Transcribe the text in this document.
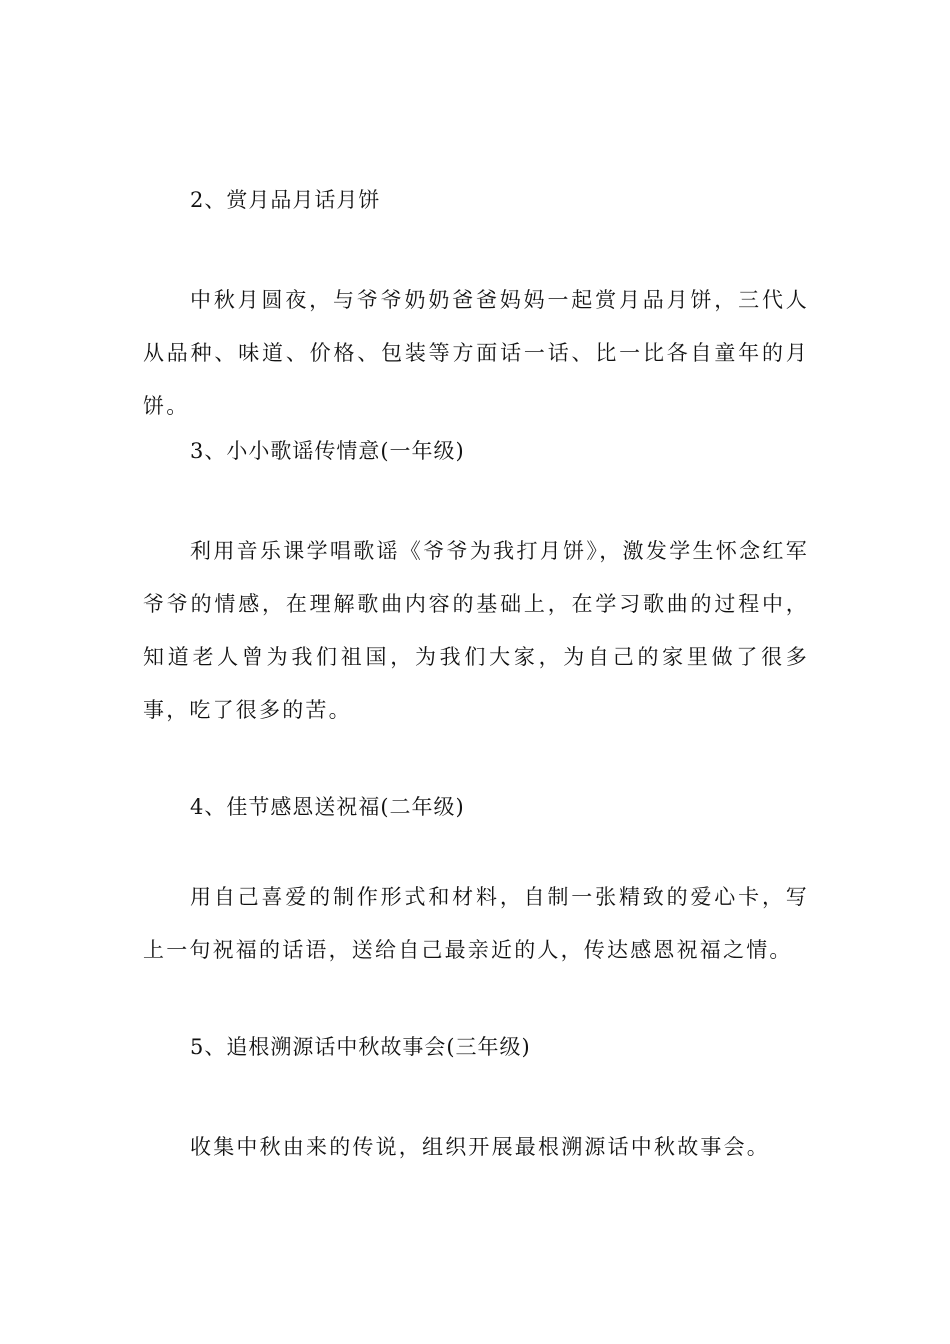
2、赏月品月话月饼
中秋月圆夜，与爷爷奶奶爸爸妈妈一起赏月品月饼，三代人从品种、味道、价格、包装等方面话一话、比一比各自童年的月饼。
3、小小歌谣传情意(一年级)
利用音乐课学唱歌谣《爷爷为我打月饼》，激发学生怀念红军爷爷的情感，在理解歌曲内容的基础上，在学习歌曲的过程中，知道老人曾为我们祖国，为我们大家，为自己的家里做了很多事，吃了很多的苦。
4、佳节感恩送祝福(二年级)
用自己喜爱的制作形式和材料，自制一张精致的爱心卡，写上一句祝福的话语，送给自己最亲近的人，传达感恩祝福之情。
5、追根溯源话中秋故事会(三年级)
收集中秋由来的传说，组织开展最根溯源话中秋故事会。
